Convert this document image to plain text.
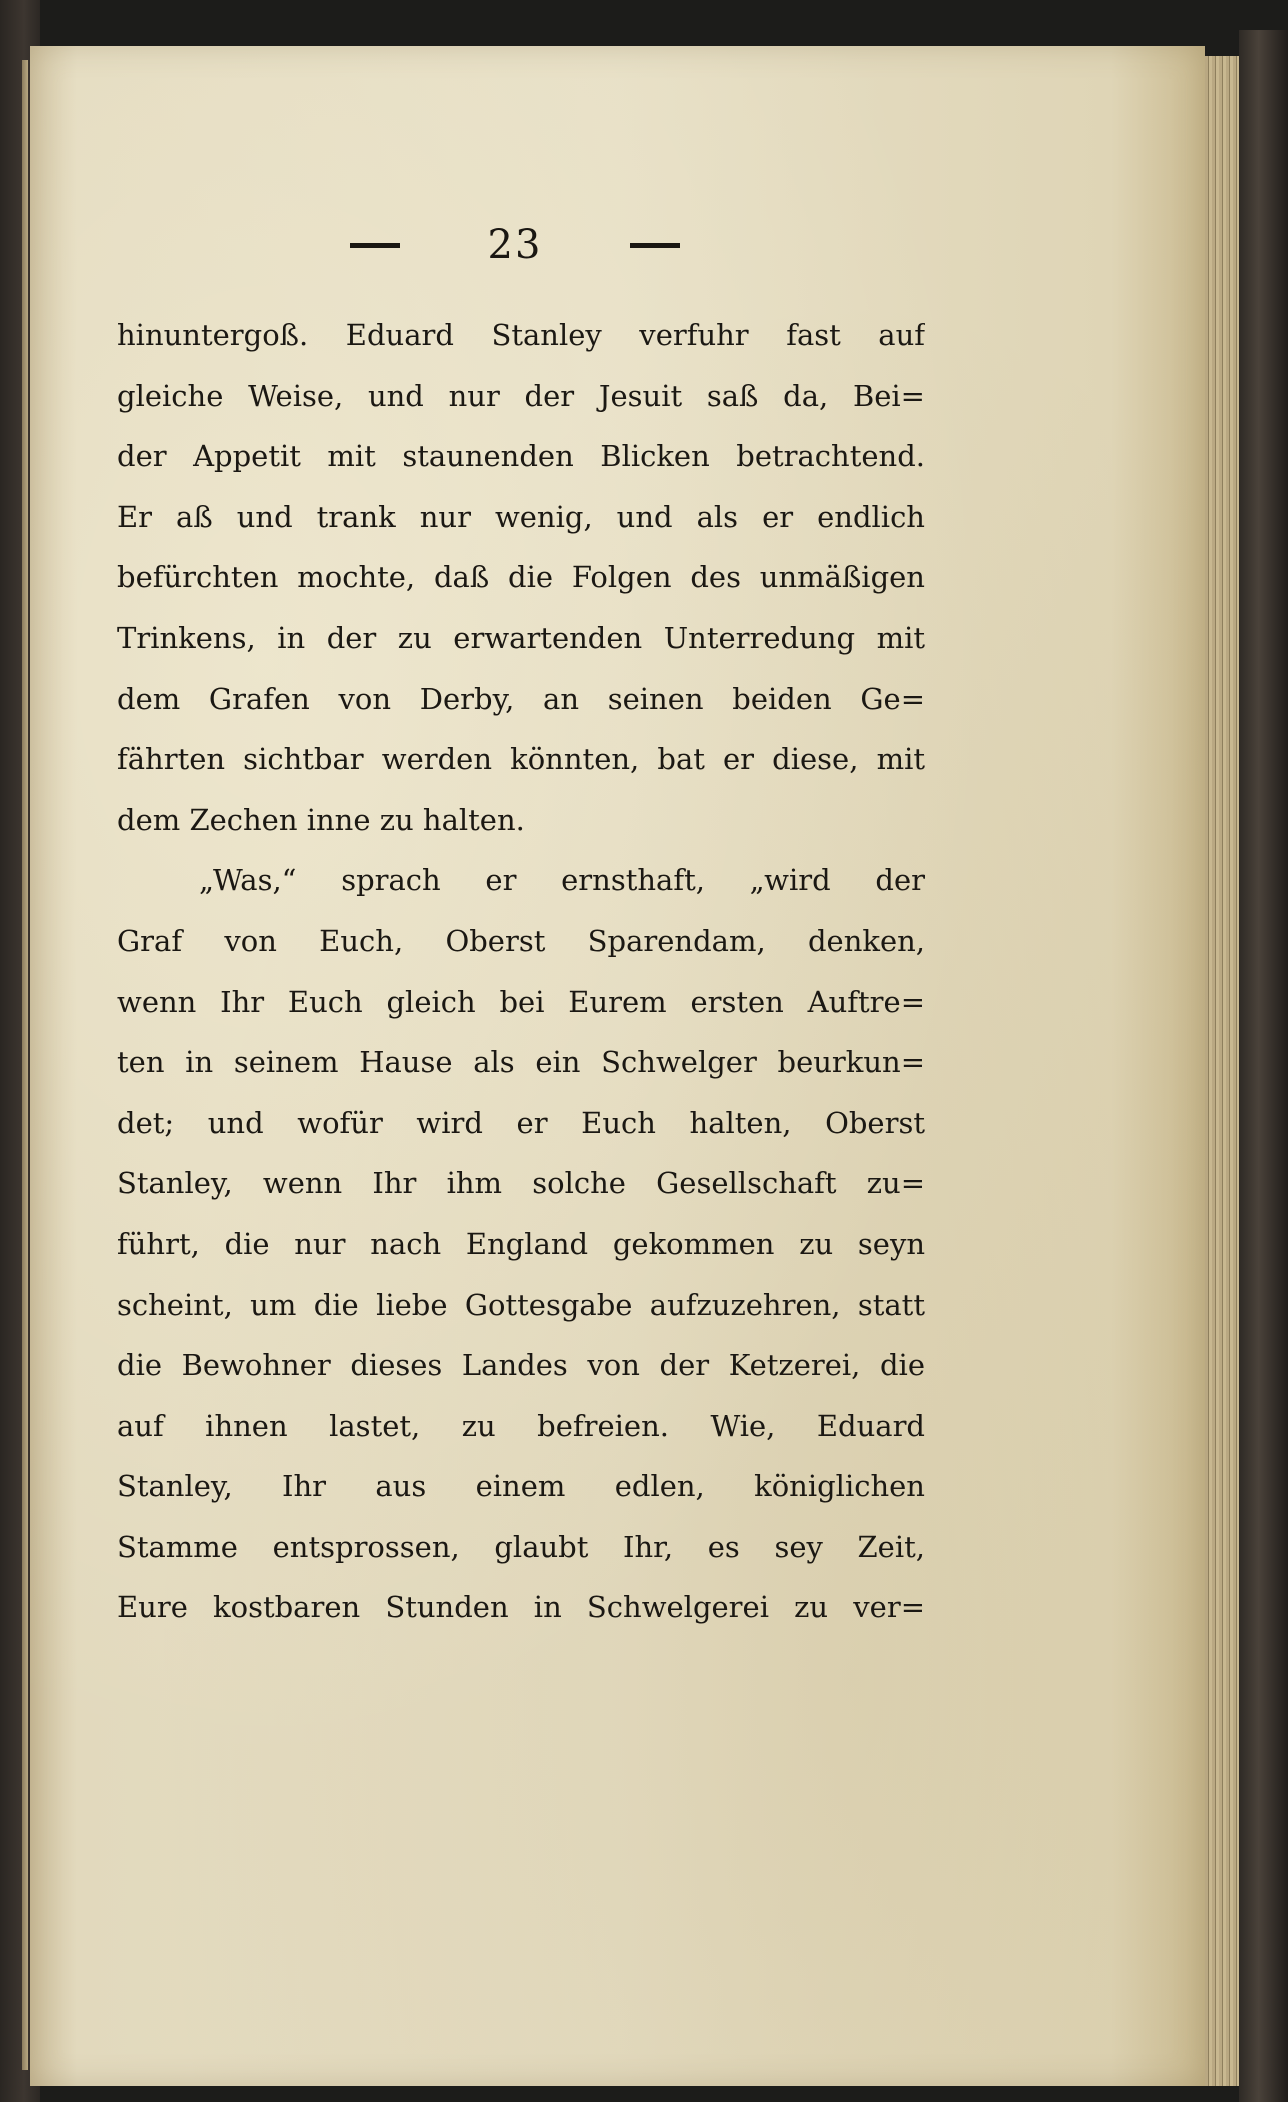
23
hinuntergoß. Eduard Stanley verfuhr fast auf
gleiche Weise, und nur der Jesuit saß da, Bei=
der Appetit mit staunenden Blicken betrachtend.
Er aß und trank nur wenig, und als er endlich
befürchten mochte, daß die Folgen des unmäßigen
Trinkens, in der zu erwartenden Unterredung mit
dem Grafen von Derby, an seinen beiden Ge=
fährten sichtbar werden könnten, bat er diese, mit
dem Zechen inne zu halten.
„Was,“ sprach er ernsthaft, „wird der
Graf von Euch, Oberst Sparendam, denken,
wenn Ihr Euch gleich bei Eurem ersten Auftre=
ten in seinem Hause als ein Schwelger beurkun=
det; und wofür wird er Euch halten, Oberst
Stanley, wenn Ihr ihm solche Gesellschaft zu=
führt, die nur nach England gekommen zu seyn
scheint, um die liebe Gottesgabe aufzuzehren, statt
die Bewohner dieses Landes von der Ketzerei, die
auf ihnen lastet, zu befreien. Wie, Eduard
Stanley, Ihr aus einem edlen, königlichen
Stamme entsprossen, glaubt Ihr, es sey Zeit,
Eure kostbaren Stunden in Schwelgerei zu ver=
